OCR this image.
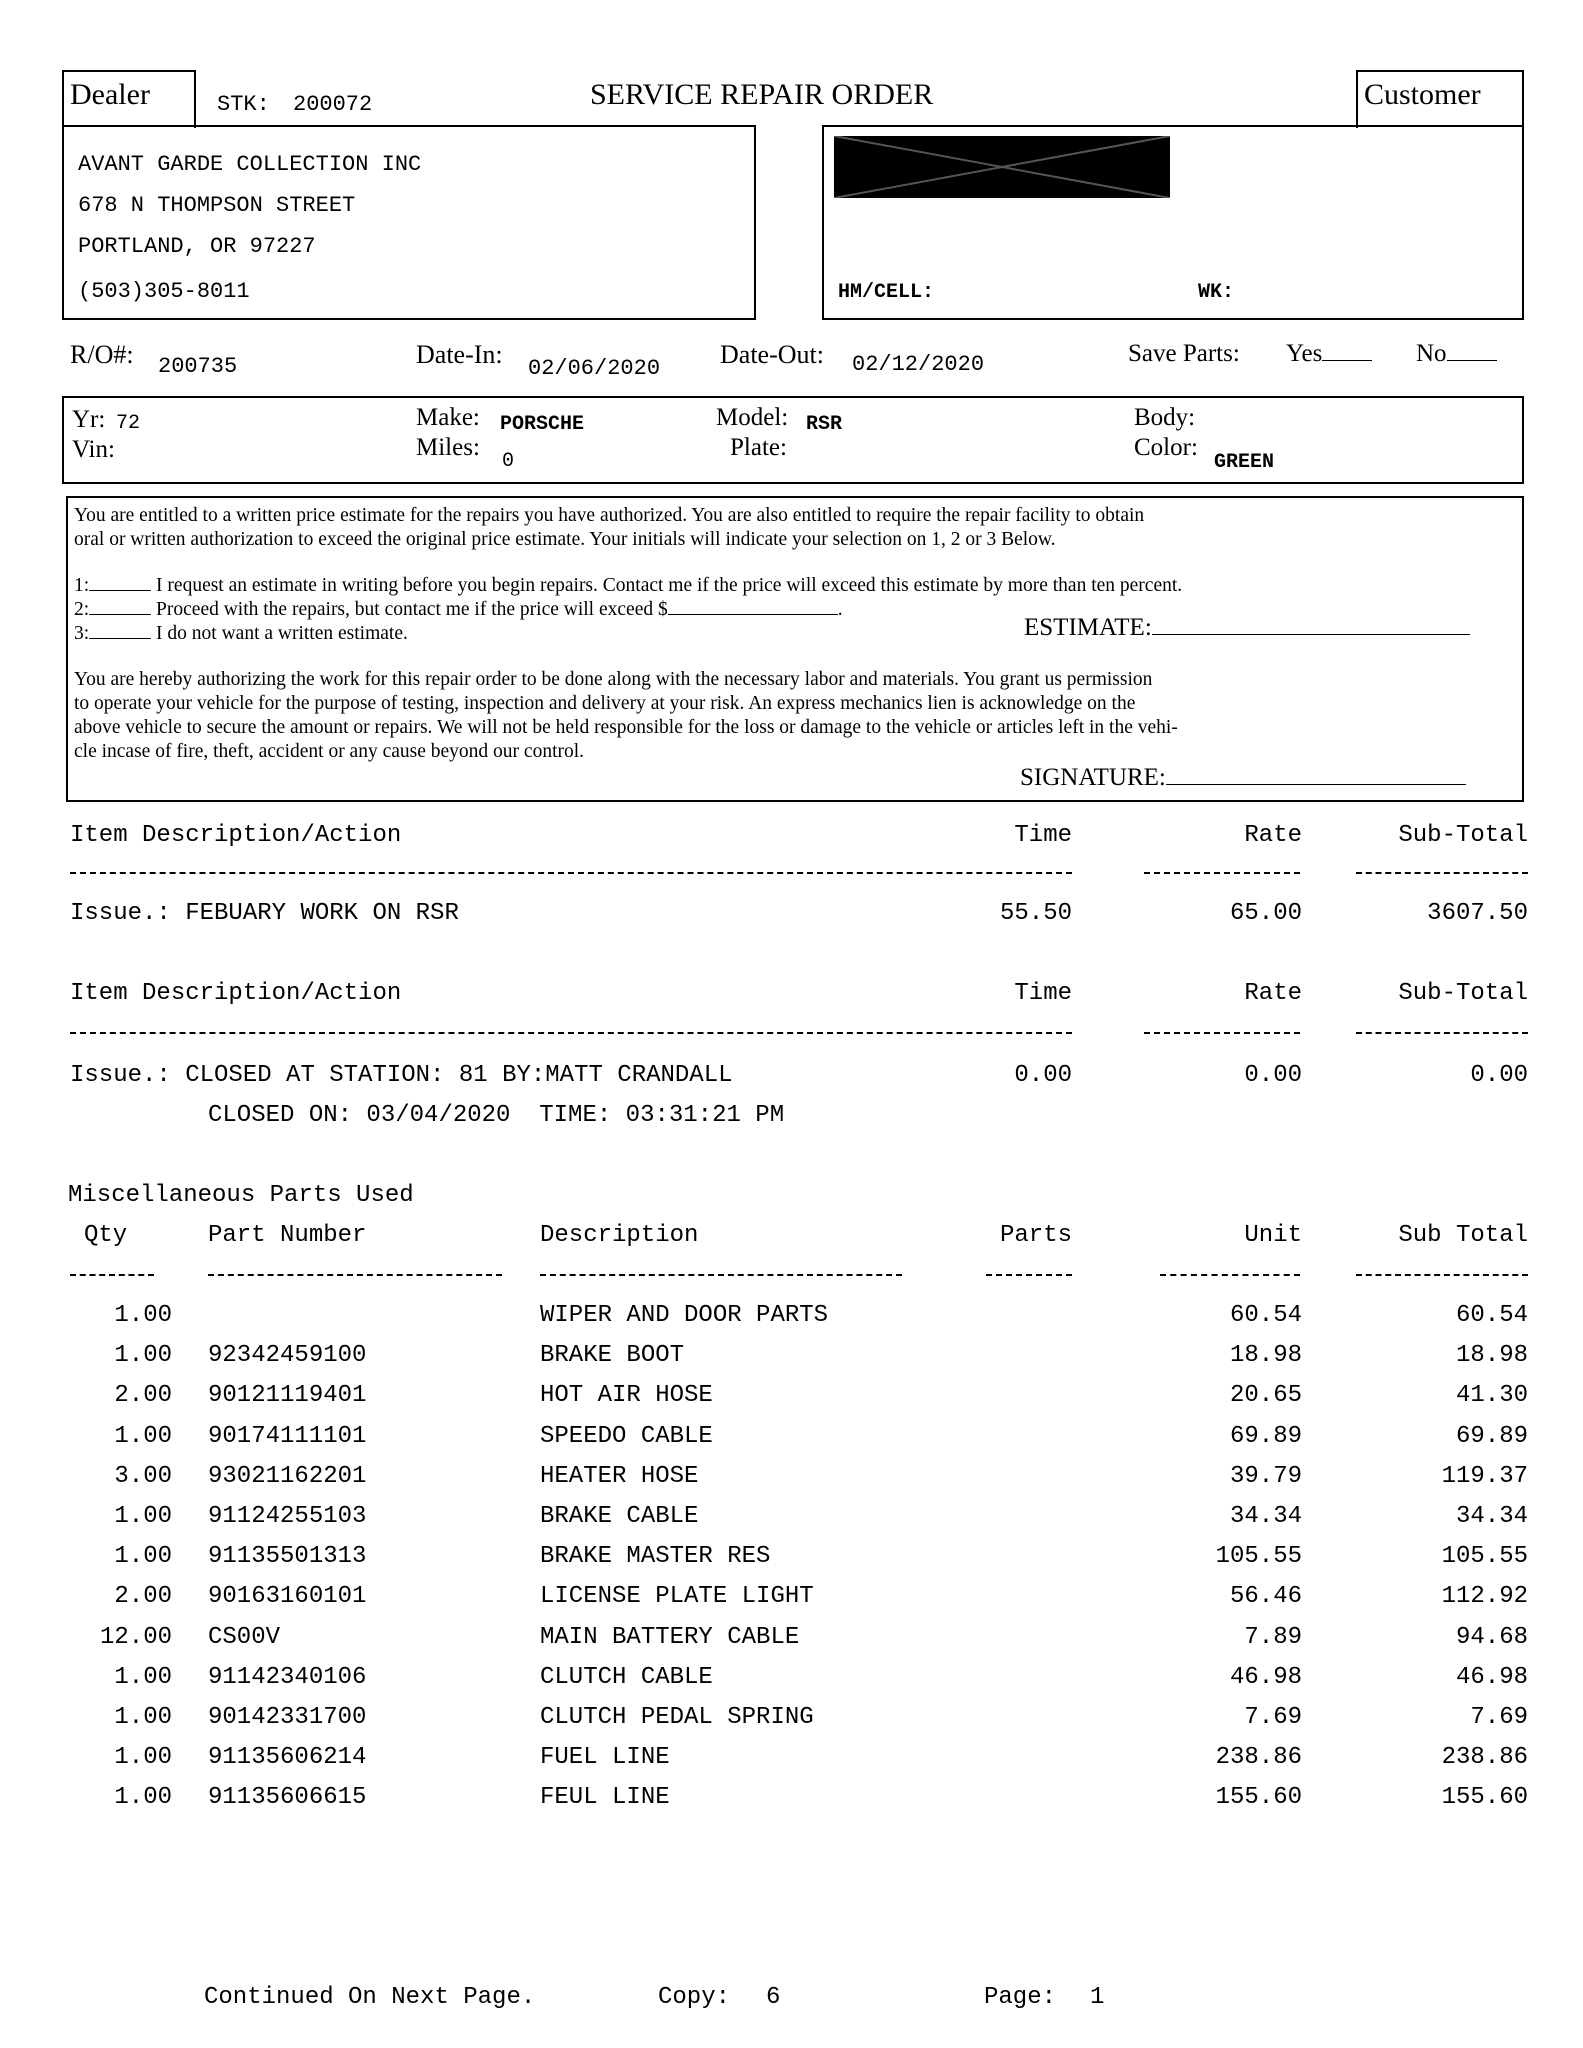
Dealer	STK: 200072	SERVICE REPAIR ORDER	Customer
AVANT GARDE COLLECTION INC
678 N THOMPSON STREET
PORTLAND, OR 97227
(503)305-8011	HM/CELL:	WK:
R/O#: 200735	Date-In: 02/06/2020 Date-Out: 02/12/2020	Save Parts: Yes	No
Yr: 72
Vin:
Make: PORSCHE
Miles:
0
Model: RSR
Plate:
Body:
Color:
GREEN
You are entitled to a written price estimate for the repairs you have authorized. You are also entitled to require the repair facility to obtain
oral or written authorization to exceed the original price estimate. Your initials will indicate your selection on 1, 2 or 3 Below.
1:	I request an estimate in writing before you begin repairs. Contact me if the price will exceed this estimate by more than ten percent.
2:	Proceed with the repairs, but contact me if the price will exceed $	.
3:	I do not want a written estimate.	ESTIMATE:
You are hereby authorizing the work for this repair order to be done along with the necessary labor and materials. You grant us permission
to operate your vehicle for the purpose of testing, inspection and delivery at your risk. An express mechanics lien is acknowledge on the
above vehicle to secure the amount or repairs. We will not be held responsible for the loss or damage to the vehicle or articles left in the vehi-
cle incase of fire, theft, accident or any cause beyond our control.
SIGNATURE:
Item Description/Action	Time	Rate	Sub-Total
Issue.: FEBUARY WORK ON RSR	55.50	65.00	3607.50
Item Description/Action	Time	Rate	Sub-Total
Issue.: CLOSED AT STATION: 81 BY:MATT CRANDALL
CLOSED ON: 03/04/2020  TIME: 03:31:21 PM
0.00	0.00	0.00
Miscellaneous Parts Used
Qty	Part Number	Description	Parts	Unit	Sub Total
1.00	WIPER AND DOOR PARTS	60.54	60.54
1.00 92342459100	BRAKE BOOT	18.98	18.98
2.00 90121119401	HOT AIR HOSE	20.65	41.30
1.00 90174111101	SPEEDO CABLE	69.89	69.89
3.00 93021162201	HEATER HOSE	39.79	119.37
1.00 91124255103	BRAKE CABLE	34.34	34.34
1.00 91135501313	BRAKE MASTER RES	105.55	105.55
2.00 90163160101	LICENSE PLATE LIGHT	56.46	112.92
12.00 CS00V	MAIN BATTERY CABLE	7.89	94.68
1.00 91142340106	CLUTCH CABLE	46.98	46.98
1.00 90142331700	CLUTCH PEDAL SPRING	7.69	7.69
1.00 91135606214	FUEL LINE	238.86	238.86
1.00 91135606615	FEUL LINE	155.60	155.60
Continued On Next Page.	Copy: 6	Page: 1
